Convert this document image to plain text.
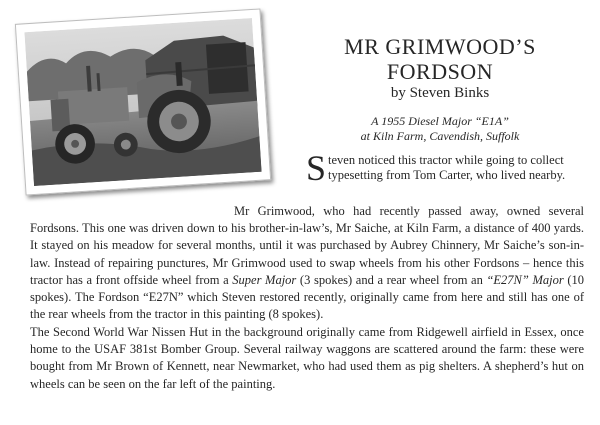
MR GRIMWOOD’S
FORDSON

by Steven Binks

A 1955 Diesel Major “E1A”
at Kiln Farm, Cavendish, Suffolk

Steven noticed this tractor while going to collect typesetting from Tom Carter, who lived nearby.

Mr Grimwood, who had recently passed away, owned several Fordsons. This one was driven down to his brother-in-law’s, Mr Saiche, at Kiln Farm, a distance of 400 yards. It stayed on his meadow for several months, until it was purchased by Aubrey Chinnery, Mr Saiche’s son-in-law. Instead of repairing punctures, Mr Grimwood used to swap wheels from his other Fordsons – hence this tractor has a front offside wheel from a Super Major (3 spokes) and a rear wheel from an “E27N” Major (10 spokes). The Fordson “E27N” which Steven restored recently, originally came from here and still has one of the rear wheels from the tractor in this painting (8 spokes).

The Second World War Nissen Hut in the background originally came from Ridgewell airfield in Essex, once home to the USAF 381st Bomber Group. Several railway waggons are scattered around the farm: these were bought from Mr Brown of Kennett, near Newmarket, who had used them as pig shelters. A shepherd’s hut on wheels can be seen on the far left of the painting.
